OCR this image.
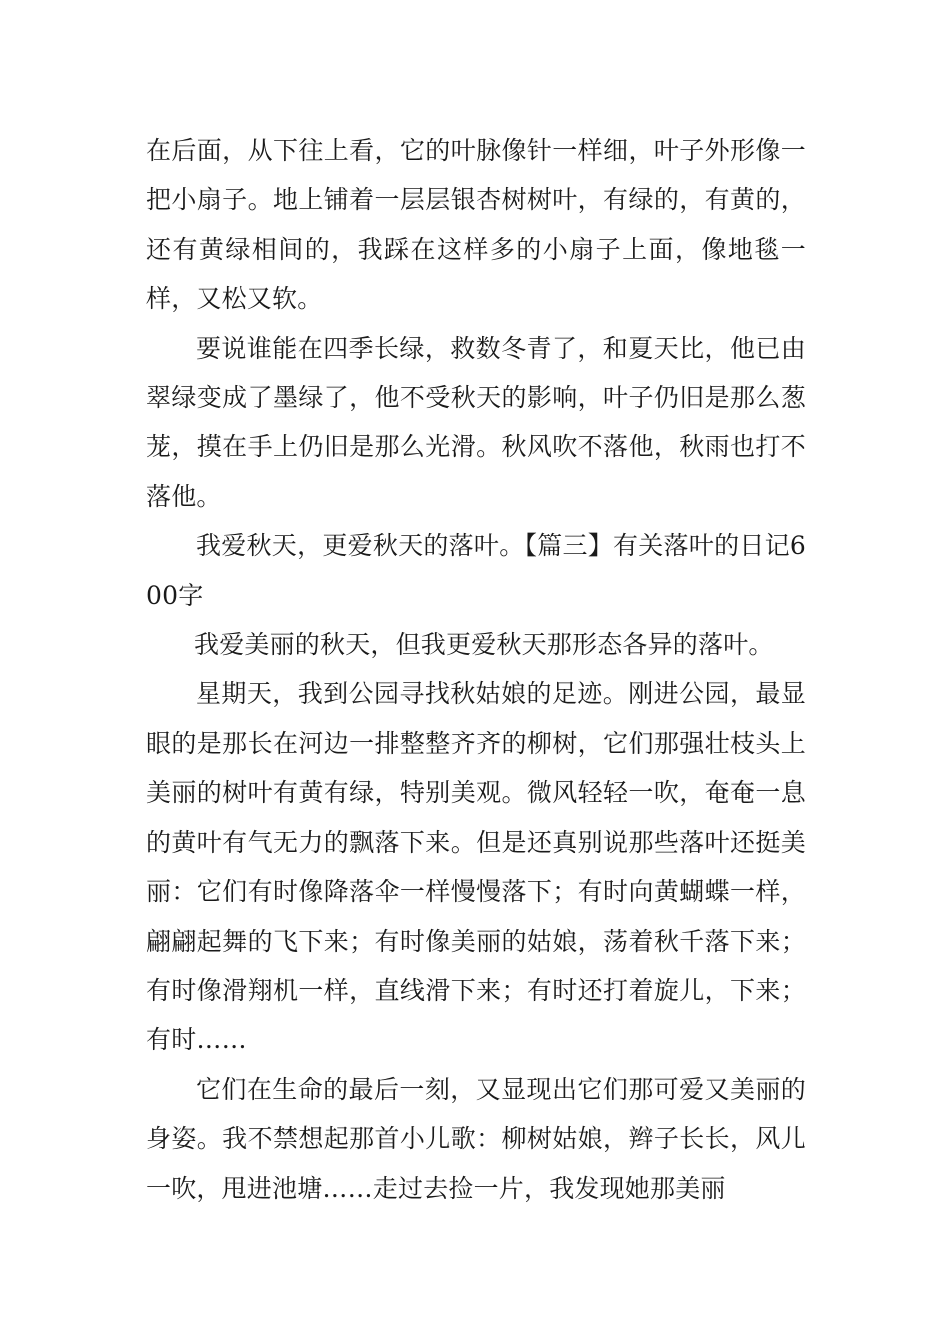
在后面，从下往上看，它的叶脉像针一样细，叶子外形像一把小扇子。地上铺着一层层银杏树树叶，有绿的，有黄的，还有黄绿相间的，我踩在这样多的小扇子上面，像地毯一样，又松又软。

要说谁能在四季长绿，救数冬青了，和夏天比，他已由翠绿变成了墨绿了，他不受秋天的影响，叶子仍旧是那么葱茏，摸在手上仍旧是那么光滑。秋风吹不落他，秋雨也打不落他。

我爱秋天，更爱秋天的落叶。【篇三】有关落叶的日记600字

我爱美丽的秋天，但我更爱秋天那形态各异的落叶。

星期天，我到公园寻找秋姑娘的足迹。刚进公园，最显眼的是那长在河边一排整整齐齐的柳树，它们那强壮枝头上美丽的树叶有黄有绿，特别美观。微风轻轻一吹，奄奄一息的黄叶有气无力的飘落下来。但是还真别说那些落叶还挺美丽：它们有时像降落伞一样慢慢落下；有时向黄蝴蝶一样，翩翩起舞的飞下来；有时像美丽的姑娘，荡着秋千落下来；有时像滑翔机一样，直线滑下来；有时还打着旋儿，下来；有时……

它们在生命的最后一刻，又显现出它们那可爱又美丽的身姿。我不禁想起那首小儿歌：柳树姑娘，辫子长长，风儿一吹，甩进池塘……走过去捡一片，我发现她那美丽
